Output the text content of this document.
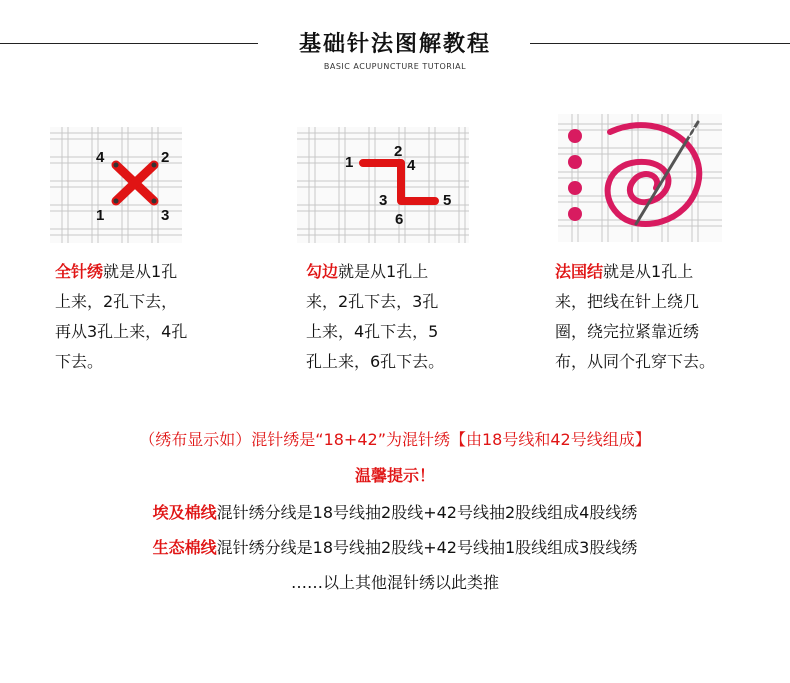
基础针法图解教程
BASIC ACUPUNCTURE TUTORIAL
4	2
1	3
1
2
4
3	5
6
全针绣就是从1孔
上来，2孔下去，
再从3孔上来，4孔
下去。
勾边就是从1孔上
来，2孔下去，3孔
上来，4孔下去，5
孔上来，6孔下去。
法国结就是从1孔上
来，把线在针上绕几
圈，绕完拉紧靠近绣
布，从同个孔穿下去。
（绣布显示如）混针绣是“18+42”为混针绣【由18号线和42号线组成】
温馨提示！
埃及棉线混针绣分线是18号线抽2股线+42号线抽2股线组成4股线绣
生态棉线混针绣分线是18号线抽2股线+42号线抽1股线组成3股线绣
……以上其他混针绣以此类推
